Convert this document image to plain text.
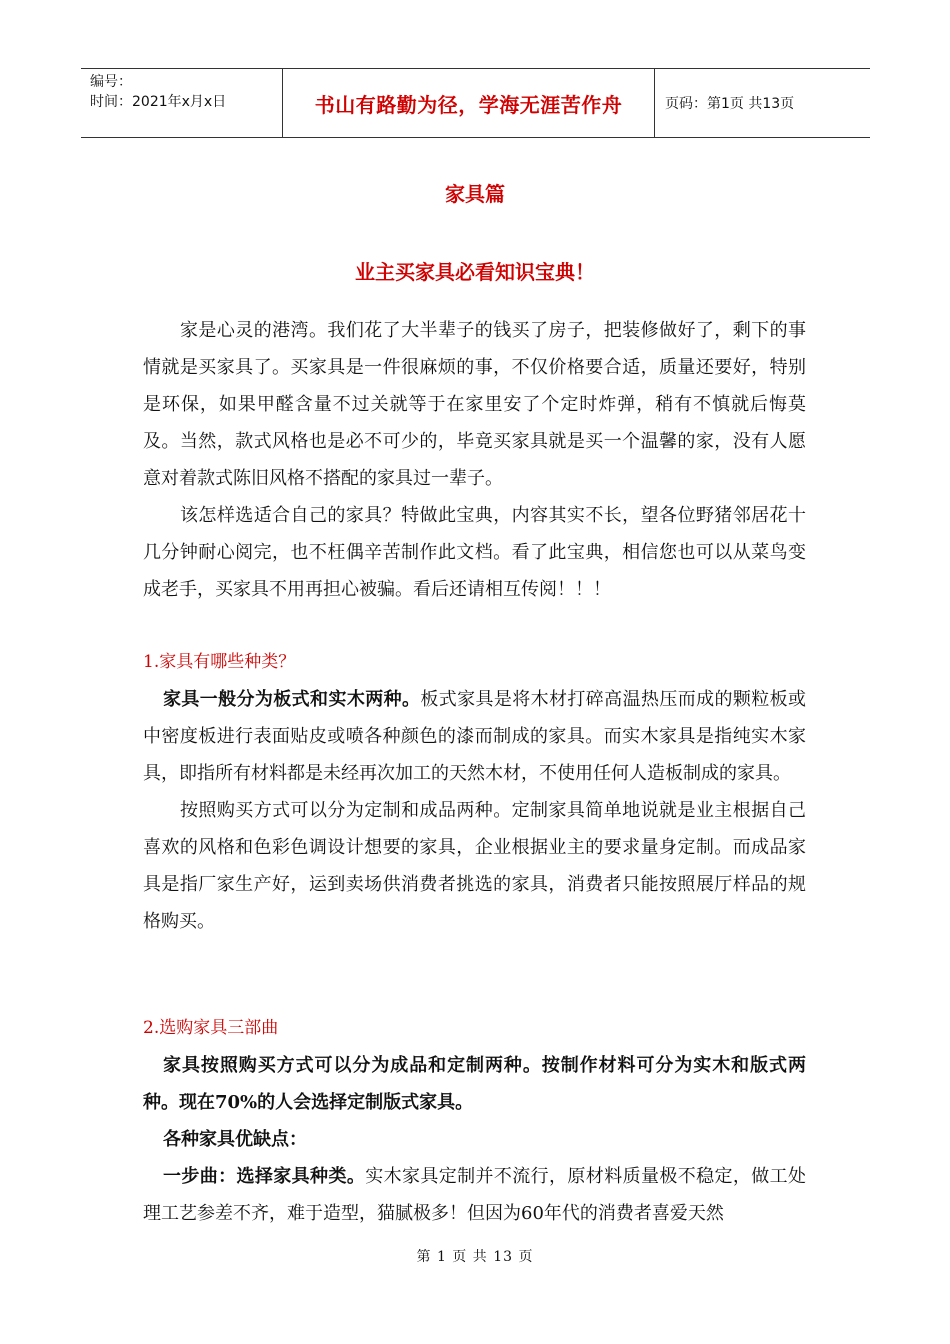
编号：
时间：2021年x月x日	书山有路勤为径，学海无涯苦作舟	页码：第1页 共13页
家具篇
业主买家具必看知识宝典！

家是心灵的港湾。我们花了大半辈子的钱买了房子，把装修做好了，剩下的事情就是买家具了。买家具是一件很麻烦的事，不仅价格要合适，质量还要好，特别是环保，如果甲醛含量不过关就等于在家里安了个定时炸弹，稍有不慎就后悔莫及。当然，款式风格也是必不可少的，毕竟买家具就是买一个温馨的家，没有人愿意对着款式陈旧风格不搭配的家具过一辈子。

该怎样选适合自己的家具？特做此宝典，内容其实不长，望各位野猪邻居花十几分钟耐心阅完，也不枉偶辛苦制作此文档。看了此宝典，相信您也可以从菜鸟变成老手，买家具不用再担心被骗。看后还请相互传阅！！！

1.家具有哪些种类？

家具一般分为板式和实木两种。板式家具是将木材打碎高温热压而成的颗粒板或中密度板进行表面贴皮或喷各种颜色的漆而制成的家具。而实木家具是指纯实木家具，即指所有材料都是未经再次加工的天然木材，不使用任何人造板制成的家具。

按照购买方式可以分为定制和成品两种。定制家具简单地说就是业主根据自己喜欢的风格和色彩色调设计想要的家具，企业根据业主的要求量身定制。而成品家具是指厂家生产好，运到卖场供消费者挑选的家具，消费者只能按照展厅样品的规格购买。

2.选购家具三部曲

家具按照购买方式可以分为成品和定制两种。按制作材料可分为实木和版式两种。现在70%的人会选择定制版式家具。

各种家具优缺点：

一步曲：选择家具种类。实木家具定制并不流行，原材料质量极不稳定，做工处理工艺参差不齐，难于造型，猫腻极多！但因为60年代的消费者喜爱天然

第 1 页 共 13 页
